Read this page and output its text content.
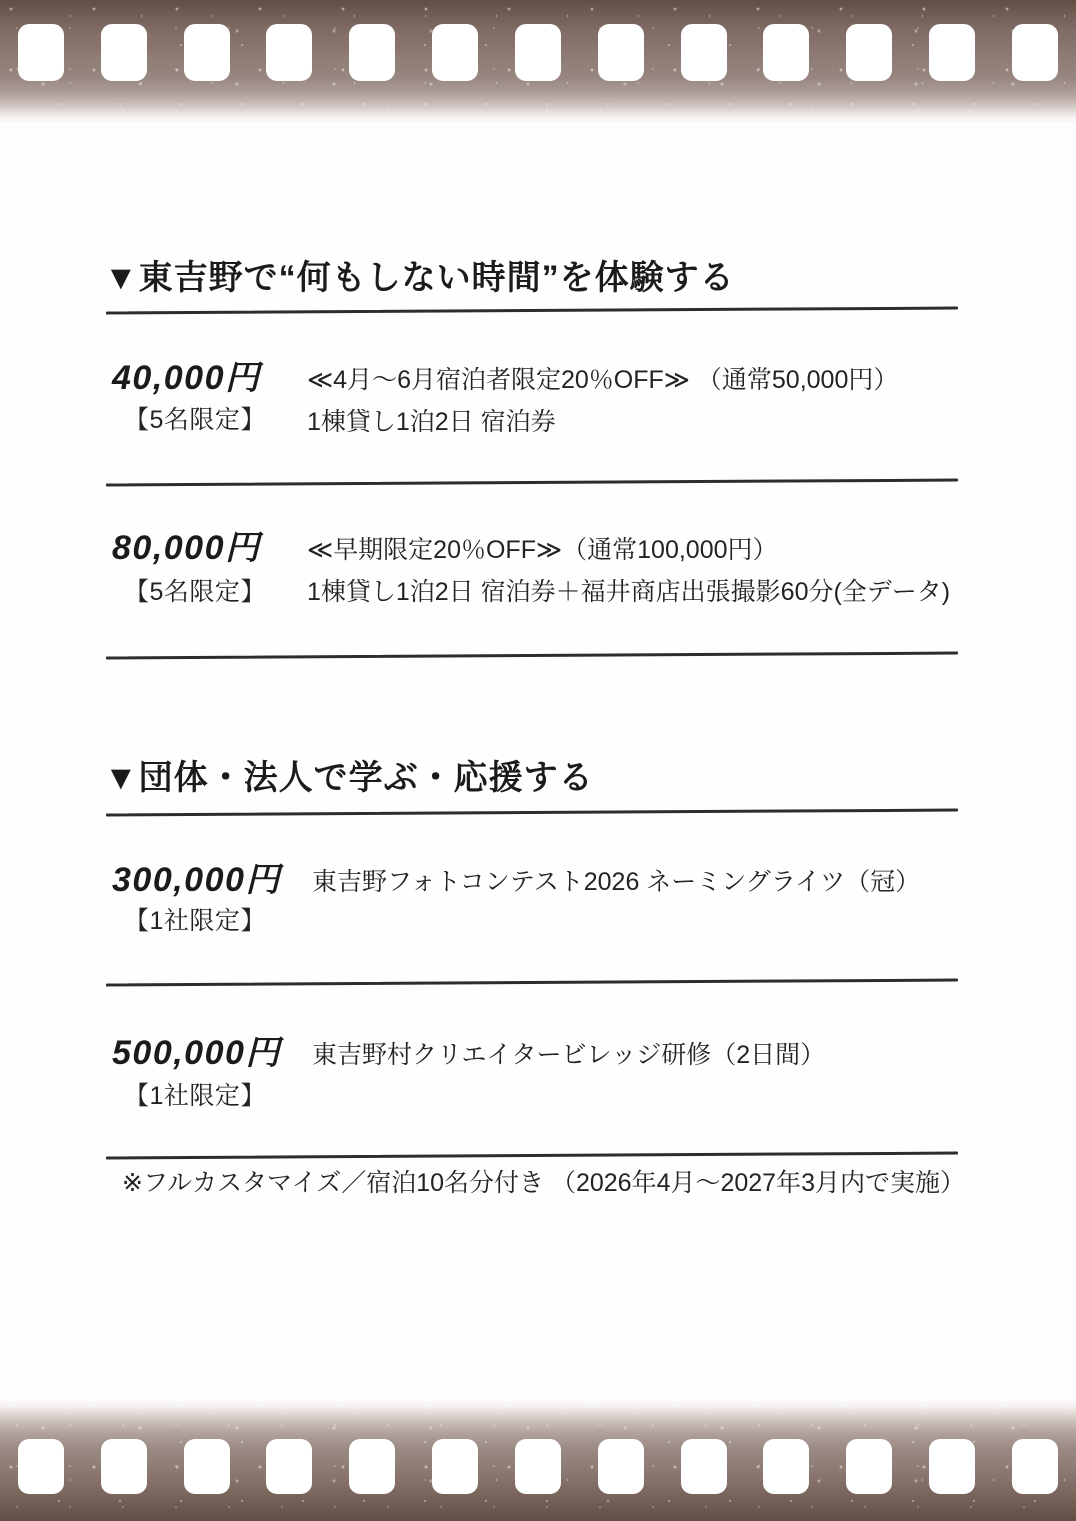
▼東吉野で“何もしない時間”を体験する
40,000円
【5名限定】
≪4月～6月宿泊者限定20％OFF≫ （通常50,000円）
1棟貸し1泊2日 宿泊券
80,000円
【5名限定】
≪早期限定20％OFF≫（通常100,000円）
1棟貸し1泊2日 宿泊券＋福井商店出張撮影60分(全データ)
▼団体・法人で学ぶ・応援する
300,000円
【1社限定】
東吉野フォトコンテスト2026 ネーミングライツ（冠）
500,000円
【1社限定】
東吉野村クリエイタービレッジ研修（2日間）
※フルカスタマイズ／宿泊10名分付き （2026年4月～2027年3月内で実施）
